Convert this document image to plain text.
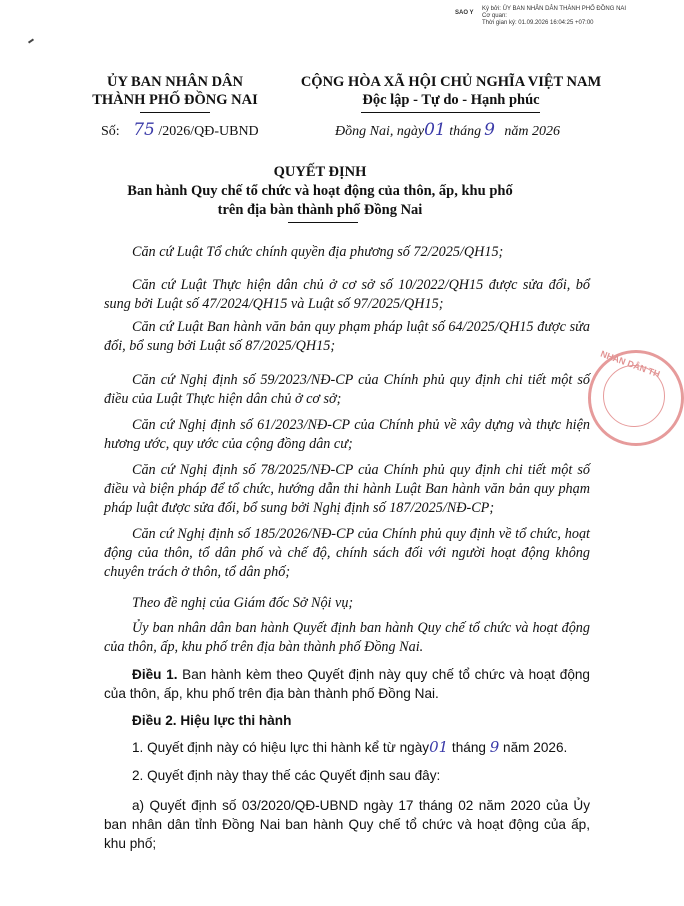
Ký bởi: ỦY BAN NHÂN DÂN THÀNH PHỐ ĐỒNG NAI
Cơ quan:
Thời gian ký: 01.09.2026 16:04:25 +07:00
SAO Y
ỦY BAN NHÂN DÂN
THÀNH PHỐ ĐỒNG NAI
Số: 75 /2026/QĐ-UBND
CỘNG HÒA XÃ HỘI CHỦ NGHĨA VIỆT NAM
Độc lập - Tự do - Hạnh phúc
Đồng Nai, ngày01 tháng 9 năm 2026
QUYẾT ĐỊNH
Ban hành Quy chế tổ chức và hoạt động của thôn, ấp, khu phố
trên địa bàn thành phố Đồng Nai
Căn cứ Luật Tổ chức chính quyền địa phương số 72/2025/QH15;
Căn cứ Luật Thực hiện dân chủ ở cơ sở số 10/2022/QH15 được sửa đổi, bổ sung bởi Luật số 47/2024/QH15 và Luật số 97/2025/QH15;
Căn cứ Luật Ban hành văn bản quy phạm pháp luật số 64/2025/QH15 được sửa đổi, bổ sung bởi Luật số 87/2025/QH15;
Căn cứ Nghị định số 59/2023/NĐ-CP của Chính phủ quy định chi tiết một số điều của Luật Thực hiện dân chủ ở cơ sở;
Căn cứ Nghị định số 61/2023/NĐ-CP của Chính phủ về xây dựng và thực hiện hương ước, quy ước của cộng đồng dân cư;
Căn cứ Nghị định số 78/2025/NĐ-CP của Chính phủ quy định chi tiết một số điều và biện pháp để tổ chức, hướng dẫn thi hành Luật Ban hành văn bản quy phạm pháp luật được sửa đổi, bổ sung bởi Nghị định số 187/2025/NĐ-CP;
Căn cứ Nghị định số 185/2026/NĐ-CP của Chính phủ quy định về tổ chức, hoạt động của thôn, tổ dân phố và chế độ, chính sách đối với người hoạt động không chuyên trách ở thôn, tổ dân phố;
Theo đề nghị của Giám đốc Sở Nội vụ;
Ủy ban nhân dân ban hành Quyết định ban hành Quy chế tổ chức và hoạt động của thôn, ấp, khu phố trên địa bàn thành phố Đồng Nai.
Điều 1. Ban hành kèm theo Quyết định này quy chế tổ chức và hoạt động của thôn, ấp, khu phố trên địa bàn thành phố Đồng Nai.
Điều 2. Hiệu lực thi hành
1. Quyết định này có hiệu lực thi hành kể từ ngày01 tháng 9 năm 2026.
2. Quyết định này thay thế các Quyết định sau đây:
a) Quyết định số 03/2020/QĐ-UBND ngày 17 tháng 02 năm 2020 của Ủy ban nhân dân tỉnh Đồng Nai ban hành Quy chế tổ chức và hoạt động của ấp, khu phố;
NHÂN DÂN TH
